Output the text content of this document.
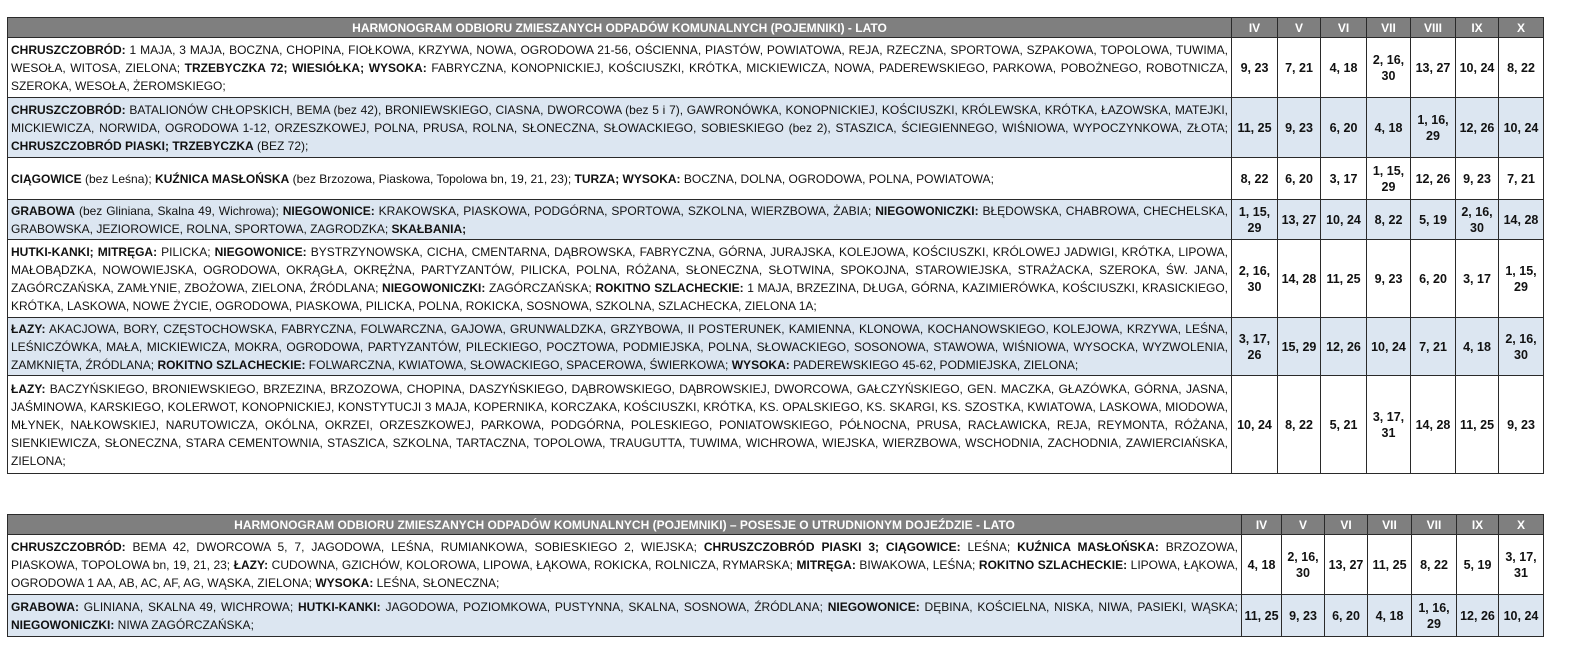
HARMONOGRAM ODBIORU ZMIESZANYCH ODPADÓW KOMUNALNYCH (POJEMNIKI) - LATO	IV	V	VI	VII	VIII	IX	X
CHRUSZCZOBRÓD: 1 MAJA, 3 MAJA, BOCZNA, CHOPINA, FIOŁKOWA, KRZYWA, NOWA, OGRODOWA 21-56, OŚCIENNA, PIASTÓW, POWIATOWA, REJA, RZECZNA, SPORTOWA, SZPAKOWA, TOPOLOWA, TUWIMA, WESOŁA, WITOSA, ZIELONA; TRZEBYCZKA 72; WIESIÓŁKA; WYSOKA: FABRYCZNA, KONOPNICKIEJ, KOŚCIUSZKI, KRÓTKA, MICKIEWICZA, NOWA, PADEREWSKIEGO, PARKOWA, POBOŻNEGO, ROBOTNICZA, SZEROKA, WESOŁA, ŻEROMSKIEGO;	9, 23	7, 21	4, 18	2, 16, 30	13, 27	10, 24	8, 22
CHRUSZCZOBRÓD: BATALIONÓW CHŁOPSKICH, BEMA (bez 42), BRONIEWSKIEGO, CIASNA, DWORCOWA (bez 5 i 7), GAWRONÓWKA, KONOPNICKIEJ, KOŚCIUSZKI, KRÓLEWSKA, KRÓTKA, ŁAZOWSKA, MATEJKI, MICKIEWICZA, NORWIDA, OGRODOWA 1-12, ORZESZKOWEJ, POLNA, PRUSA, ROLNA, SŁONECZNA, SŁOWACKIEGO, SOBIESKIEGO (bez 2), STASZICA, ŚCIEGIENNEGO, WIŚNIOWA, WYPOCZYNKOWA, ZŁOTA; CHRUSZCZOBRÓD PIASKI; TRZEBYCZKA (BEZ 72);	11, 25	9, 23	6, 20	4, 18	1, 16, 29	12, 26	10, 24
CIĄGOWICE (bez Leśna); KUŹNICA MASŁOŃSKA (bez Brzozowa, Piaskowa, Topolowa bn, 19, 21, 23); TURZA; WYSOKA: BOCZNA, DOLNA, OGRODOWA, POLNA, POWIATOWA;	8, 22	6, 20	3, 17	1, 15, 29	12, 26	9, 23	7, 21
GRABOWA (bez Gliniana, Skalna 49, Wichrowa); NIEGOWONICE: KRAKOWSKA, PIASKOWA, PODGÓRNA, SPORTOWA, SZKOLNA, WIERZBOWA, ŻABIA; NIEGOWONICZKI: BŁĘDOWSKA, CHABROWA, CHECHELSKA, GRABOWSKA, JEZIOROWICE, ROLNA, SPORTOWA, ZAGRODZKA; SKAŁBANIA;	1, 15, 29	13, 27	10, 24	8, 22	5, 19	2, 16, 30	14, 28
HUTKI-KANKI; MITRĘGA: PILICKA; NIEGOWONICE: BYSTRZYNOWSKA, CICHA, CMENTARNA, DĄBROWSKA, FABRYCZNA, GÓRNA, JURAJSKA, KOLEJOWA, KOŚCIUSZKI, KRÓLOWEJ JADWIGI, KRÓTKA, LIPOWA, MAŁOBĄDZKA, NOWOWIEJSKA, OGRODOWA, OKRĄGŁA, OKRĘŻNA, PARTYZANTÓW, PILICKA, POLNA, RÓŻANA, SŁONECZNA, SŁOTWINA, SPOKOJNA, STAROWIEJSKA, STRAŻACKA, SZEROKA, ŚW. JANA, ZAGÓRCZAŃSKA, ZAMŁYNIE, ZBOŻOWA, ZIELONA, ŹRÓDLANA; NIEGOWONICZKI: ZAGÓRCZAŃSKA; ROKITNO SZLACHECKIE: 1 MAJA, BRZEZINA, DŁUGA, GÓRNA, KAZIMIERÓWKA, KOŚCIUSZKI, KRASICKIEGO, KRÓTKA, LASKOWA, NOWE ŻYCIE, OGRODOWA, PIASKOWA, PILICKA, POLNA, ROKICKA, SOSNOWA, SZKOLNA, SZLACHECKA, ZIELONA 1A;	2, 16, 30	14, 28	11, 25	9, 23	6, 20	3, 17	1, 15, 29
ŁAZY: AKACJOWA, BORY, CZĘSTOCHOWSKA, FABRYCZNA, FOLWARCZNA, GAJOWA, GRUNWALDZKA, GRZYBOWA, II POSTERUNEK, KAMIENNA, KLONOWA, KOCHANOWSKIEGO, KOLEJOWA, KRZYWA, LEŚNA, LEŚNICZÓWKA, MAŁA, MICKIEWICZA, MOKRA, OGRODOWA, PARTYZANTÓW, PILECKIEGO, POCZTOWA, PODMIEJSKA, POLNA, SŁOWACKIEGO, SOSONOWA, STAWOWA, WIŚNIOWA, WYSOCKA, WYZWOLENIA, ZAMKNIĘTA, ŹRÓDLANA; ROKITNO SZLACHECKIE: FOLWARCZNA, KWIATOWA, SŁOWACKIEGO, SPACEROWA, ŚWIERKOWA; WYSOKA: PADEREWSKIEGO 45-62, PODMIEJSKA, ZIELONA;	3, 17, 26	15, 29	12, 26	10, 24	7, 21	4, 18	2, 16, 30
ŁAZY: BACZYŃSKIEGO, BRONIEWSKIEGO, BRZEZINA, BRZOZOWA, CHOPINA, DASZYŃSKIEGO, DĄBROWSKIEGO, DĄBROWSKIEJ, DWORCOWA, GAŁCZYŃSKIEGO, GEN. MACZKA, GŁAZÓWKA, GÓRNA, JASNA, JAŚMINOWA, KARSKIEGO, KOLERWOT, KONOPNICKIEJ, KONSTYTUCJI 3 MAJA, KOPERNIKA, KORCZAKA, KOŚCIUSZKI, KRÓTKA, KS. OPALSKIEGO, KS. SKARGI, KS. SZOSTKA, KWIATOWA, LASKOWA, MIODOWA, MŁYNEK, NAŁKOWSKIEJ, NARUTOWICZA, OKÓLNA, OKRZEI, ORZESZKOWEJ, PARKOWA, PODGÓRNA, POLESKIEGO, PONIATOWSKIEGO, PÓŁNOCNA, PRUSA, RACŁAWICKA, REJA, REYMONTA, RÓŻANA, SIENKIEWICZA, SŁONECZNA, STARA CEMENTOWNIA, STASZICA, SZKOLNA, TARTACZNA, TOPOLOWA, TRAUGUTTA, TUWIMA, WICHROWA, WIEJSKA, WIERZBOWA, WSCHODNIA, ZACHODNIA, ZAWIERCIAŃSKA, ZIELONA;	10, 24	8, 22	5, 21	3, 17, 31	14, 28	11, 25	9, 23
HARMONOGRAM ODBIORU ZMIESZANYCH ODPADÓW KOMUNALNYCH (POJEMNIKI) – POSESJE O UTRUDNIONYM DOJEŹDZIE - LATO	IV	V	VI	VII	VII	IX	X
CHRUSZCZOBRÓD: BEMA 42, DWORCOWA 5, 7, JAGODOWA, LEŚNA, RUMIANKOWA, SOBIESKIEGO 2, WIEJSKA; CHRUSZCZOBRÓD PIASKI 3; CIĄGOWICE: LEŚNA; KUŹNICA MASŁOŃSKA: BRZOZOWA, PIASKOWA, TOPOLOWA bn, 19, 21, 23; ŁAZY: CUDOWNA, GZICHÓW, KOLOROWA, LIPOWA, ŁĄKOWA, ROKICKA, ROLNICZA, RYMARSKA; MITRĘGA: BIWAKOWA, LEŚNA; ROKITNO SZLACHECKIE: LIPOWA, ŁĄKOWA, OGRODOWA 1 AA, AB, AC, AF, AG, WĄSKA, ZIELONA; WYSOKA: LEŚNA, SŁONECZNA;	4, 18	2, 16, 30	13, 27	11, 25	8, 22	5, 19	3, 17, 31
GRABOWA: GLINIANA, SKALNA 49, WICHROWA; HUTKI-KANKI: JAGODOWA, POZIOMKOWA, PUSTYNNA, SKALNA, SOSNOWA, ŹRÓDLANA; NIEGOWONICE: DĘBINA, KOŚCIELNA, NISKA, NIWA, PASIEKI, WĄSKA; NIEGOWONICZKI: NIWA ZAGÓRCZAŃSKA;	11, 25	9, 23	6, 20	4, 18	1, 16, 29	12, 26	10, 24
